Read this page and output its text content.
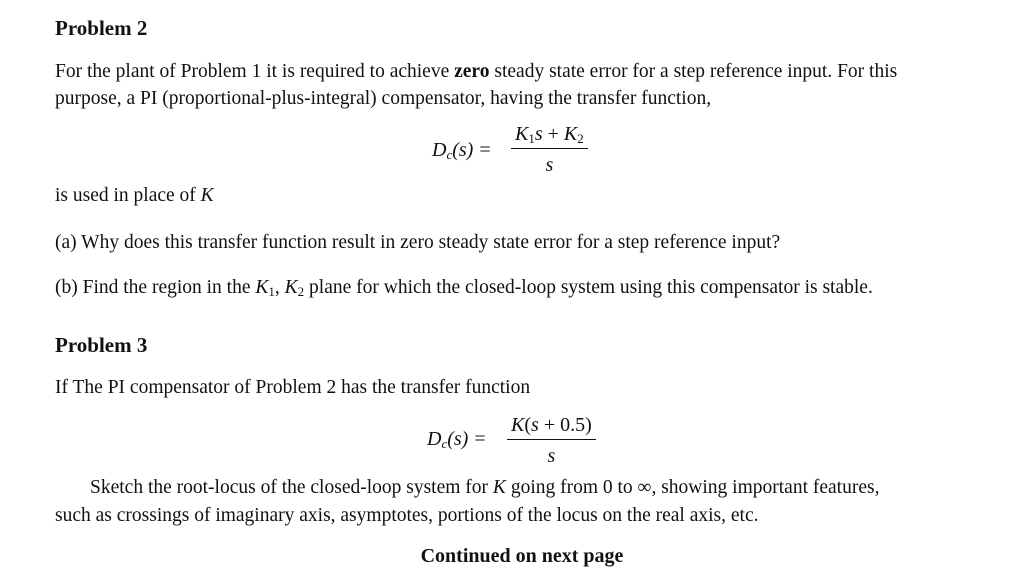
Problem 2
For the plant of Problem 1 it is required to achieve zero steady state error for a step reference input. For this
purpose, a PI (proportional-plus-integral) compensator, having the transfer function,
$D_c(s) = \frac{K_1s + K_2}{s}$
is used in place of K
(a) Why does this transfer function result in zero steady state error for a step reference input?
(b) Find the region in the $K_1$, $K_2$ plane for which the closed-loop system using this compensator is stable.
Problem 3
If The PI compensator of Problem 2 has the transfer function
$D_c(s) = \frac{K(s + 0.5)}{s}$
Sketch the root-locus of the closed-loop system for K going from 0 to ∞, showing important features,
such as crossings of imaginary axis, asymptotes, portions of the locus on the real axis, etc.
Continued on next page
